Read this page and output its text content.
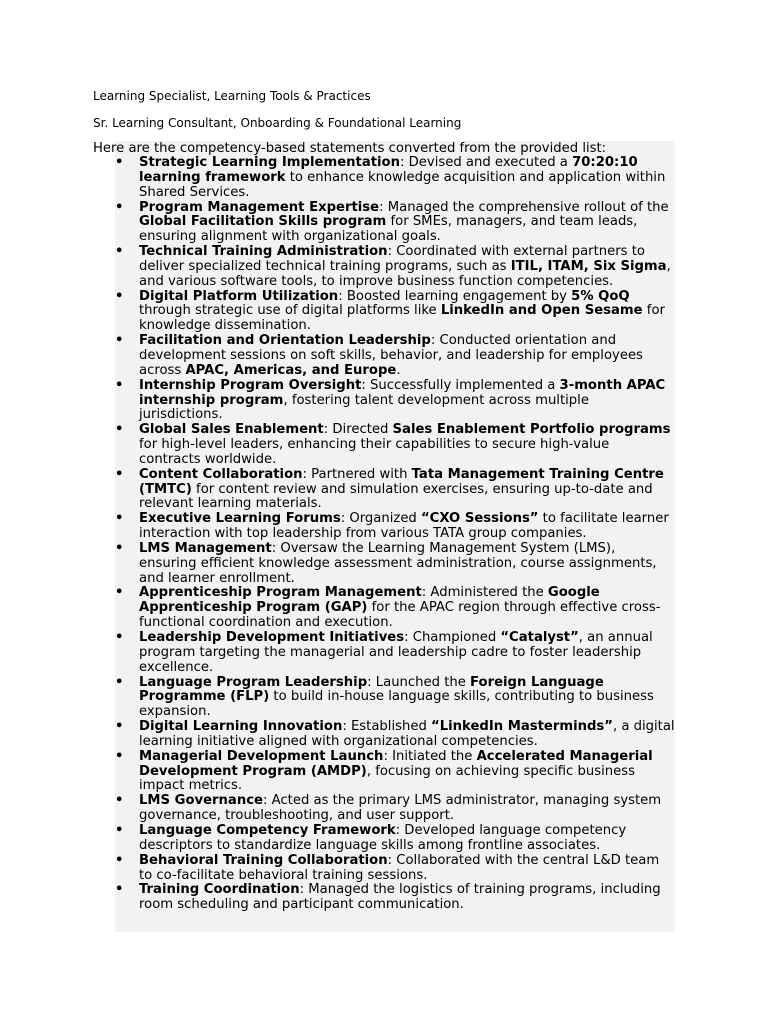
Learning Specialist, Learning Tools & Practices
Sr. Learning Consultant, Onboarding & Foundational Learning
Here are the competency-based statements converted from the provided list:
• Strategic Learning Implementation: Devised and executed a 70:20:10 learning framework to enhance knowledge acquisition and application within Shared Services.
• Program Management Expertise: Managed the comprehensive rollout of the Global Facilitation Skills program for SMEs, managers, and team leads, ensuring alignment with organizational goals.
• Technical Training Administration: Coordinated with external partners to deliver specialized technical training programs, such as ITIL, ITAM, Six Sigma, and various software tools, to improve business function competencies.
• Digital Platform Utilization: Boosted learning engagement by 5% QoQ through strategic use of digital platforms like LinkedIn and Open Sesame for knowledge dissemination.
• Facilitation and Orientation Leadership: Conducted orientation and development sessions on soft skills, behavior, and leadership for employees across APAC, Americas, and Europe.
• Internship Program Oversight: Successfully implemented a 3-month APAC internship program, fostering talent development across multiple jurisdictions.
• Global Sales Enablement: Directed Sales Enablement Portfolio programs for high-level leaders, enhancing their capabilities to secure high-value contracts worldwide.
• Content Collaboration: Partnered with Tata Management Training Centre (TMTC) for content review and simulation exercises, ensuring up-to-date and relevant learning materials.
• Executive Learning Forums: Organized “CXO Sessions” to facilitate learner interaction with top leadership from various TATA group companies.
• LMS Management: Oversaw the Learning Management System (LMS), ensuring efficient knowledge assessment administration, course assignments, and learner enrollment.
• Apprenticeship Program Management: Administered the Google Apprenticeship Program (GAP) for the APAC region through effective cross-functional coordination and execution.
• Leadership Development Initiatives: Championed “Catalyst”, an annual program targeting the managerial and leadership cadre to foster leadership excellence.
• Language Program Leadership: Launched the Foreign Language Programme (FLP) to build in-house language skills, contributing to business expansion.
• Digital Learning Innovation: Established “LinkedIn Masterminds”, a digital learning initiative aligned with organizational competencies.
• Managerial Development Launch: Initiated the Accelerated Managerial Development Program (AMDP), focusing on achieving specific business impact metrics.
• LMS Governance: Acted as the primary LMS administrator, managing system governance, troubleshooting, and user support.
• Language Competency Framework: Developed language competency descriptors to standardize language skills among frontline associates.
• Behavioral Training Collaboration: Collaborated with the central L&D team to co-facilitate behavioral training sessions.
• Training Coordination: Managed the logistics of training programs, including room scheduling and participant communication.
